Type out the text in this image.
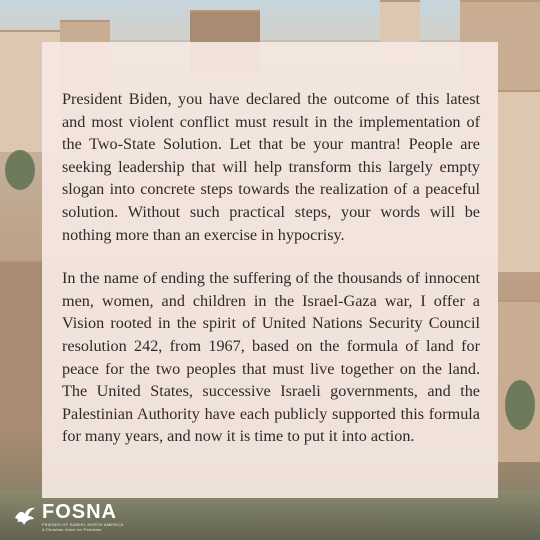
President Biden, you have declared the outcome of this latest and most violent conflict must result in the implementation of the Two-State Solution. Let that be your mantra! People are seeking leadership that will help transform this largely empty slogan into concrete steps towards the realization of a peaceful solution. Without such practical steps, your words will be nothing more than an exercise in hypocrisy.

In the name of ending the suffering of the thousands of innocent men, women, and children in the Israel-Gaza war, I offer a Vision rooted in the spirit of United Nations Security Council resolution 242, from 1967, based on the formula of land for peace for the two peoples that must live together on the land. The United States, successive Israeli governments, and the Palestinian Authority have each publicly supported this formula for many years, and now it is time to put it into action.

FOSNA
FRIENDS OF SABEEL NORTH AMERICA
A Christian Voice for Palestine
